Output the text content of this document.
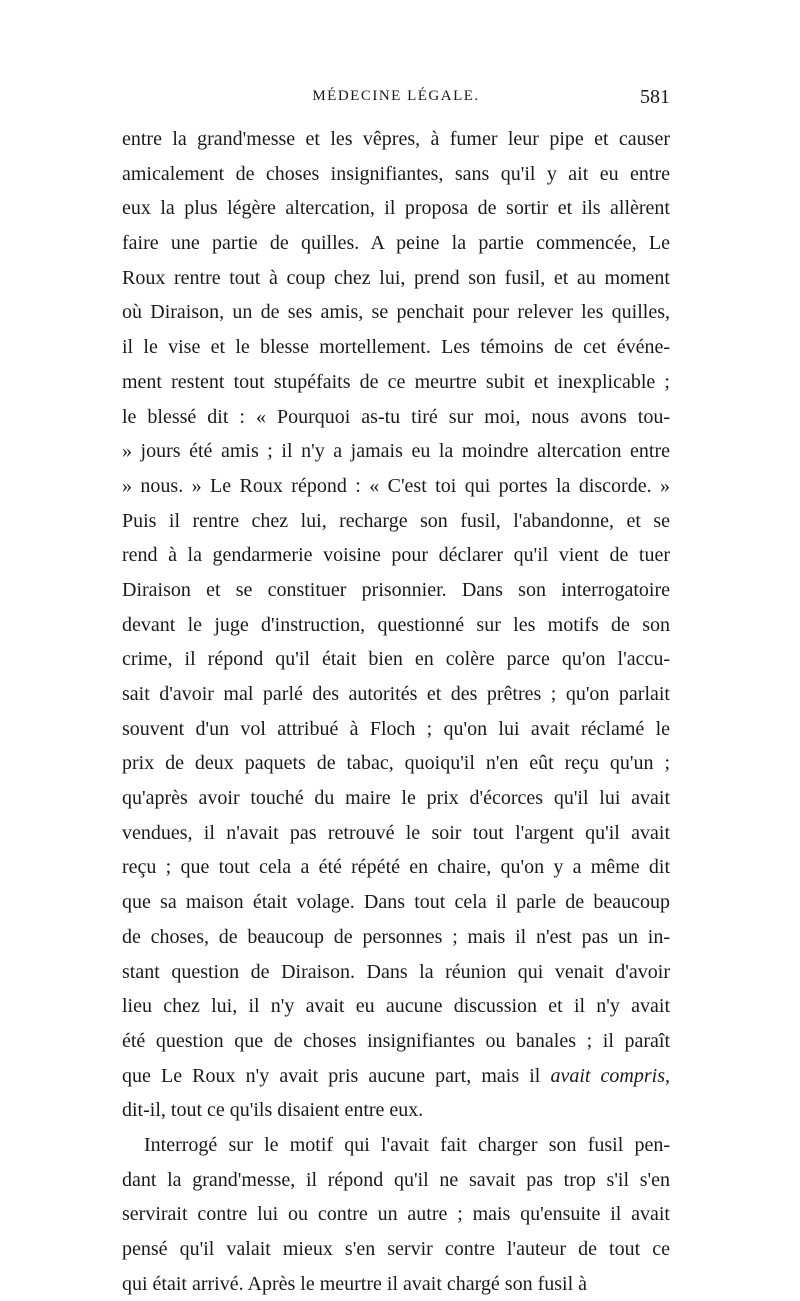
MÉDECINE LÉGALE.	581
entre la grand'messe et les vêpres, à fumer leur pipe et causer
amicalement de choses insignifiantes, sans qu'il y ait eu entre
eux la plus légère altercation, il proposa de sortir et ils allèrent
faire une partie de quilles. A peine la partie commencée, Le
Roux rentre tout à coup chez lui, prend son fusil, et au moment
où Diraison, un de ses amis, se penchait pour relever les quilles,
il le vise et le blesse mortellement. Les témoins de cet événe-
ment restent tout stupéfaits de ce meurtre subit et inexplicable ;
le blessé dit : « Pourquoi as-tu tiré sur moi, nous avons tou-
» jours été amis ; il n'y a jamais eu la moindre altercation entre
» nous. » Le Roux répond : « C'est toi qui portes la discorde. »
Puis il rentre chez lui, recharge son fusil, l'abandonne, et se
rend à la gendarmerie voisine pour déclarer qu'il vient de tuer
Diraison et se constituer prisonnier. Dans son interrogatoire
devant le juge d'instruction, questionné sur les motifs de son
crime, il répond qu'il était bien en colère parce qu'on l'accu-
sait d'avoir mal parlé des autorités et des prêtres ; qu'on parlait
souvent d'un vol attribué à Floch ; qu'on lui avait réclamé le
prix de deux paquets de tabac, quoiqu'il n'en eût reçu qu'un ;
qu'après avoir touché du maire le prix d'écorces qu'il lui avait
vendues, il n'avait pas retrouvé le soir tout l'argent qu'il avait
reçu ; que tout cela a été répété en chaire, qu'on y a même dit
que sa maison était volage. Dans tout cela il parle de beaucoup
de choses, de beaucoup de personnes ; mais il n'est pas un in-
stant question de Diraison. Dans la réunion qui venait d'avoir
lieu chez lui, il n'y avait eu aucune discussion et il n'y avait
été question que de choses insignifiantes ou banales ; il paraît
que Le Roux n'y avait pris aucune part, mais il avait compris,
dit-il, tout ce qu'ils disaient entre eux.
Interrogé sur le motif qui l'avait fait charger son fusil pen-
dant la grand'messe, il répond qu'il ne savait pas trop s'il s'en
servirait contre lui ou contre un autre ; mais qu'ensuite il avait
pensé qu'il valait mieux s'en servir contre l'auteur de tout ce
qui était arrivé. Après le meurtre il avait chargé son fusil à
